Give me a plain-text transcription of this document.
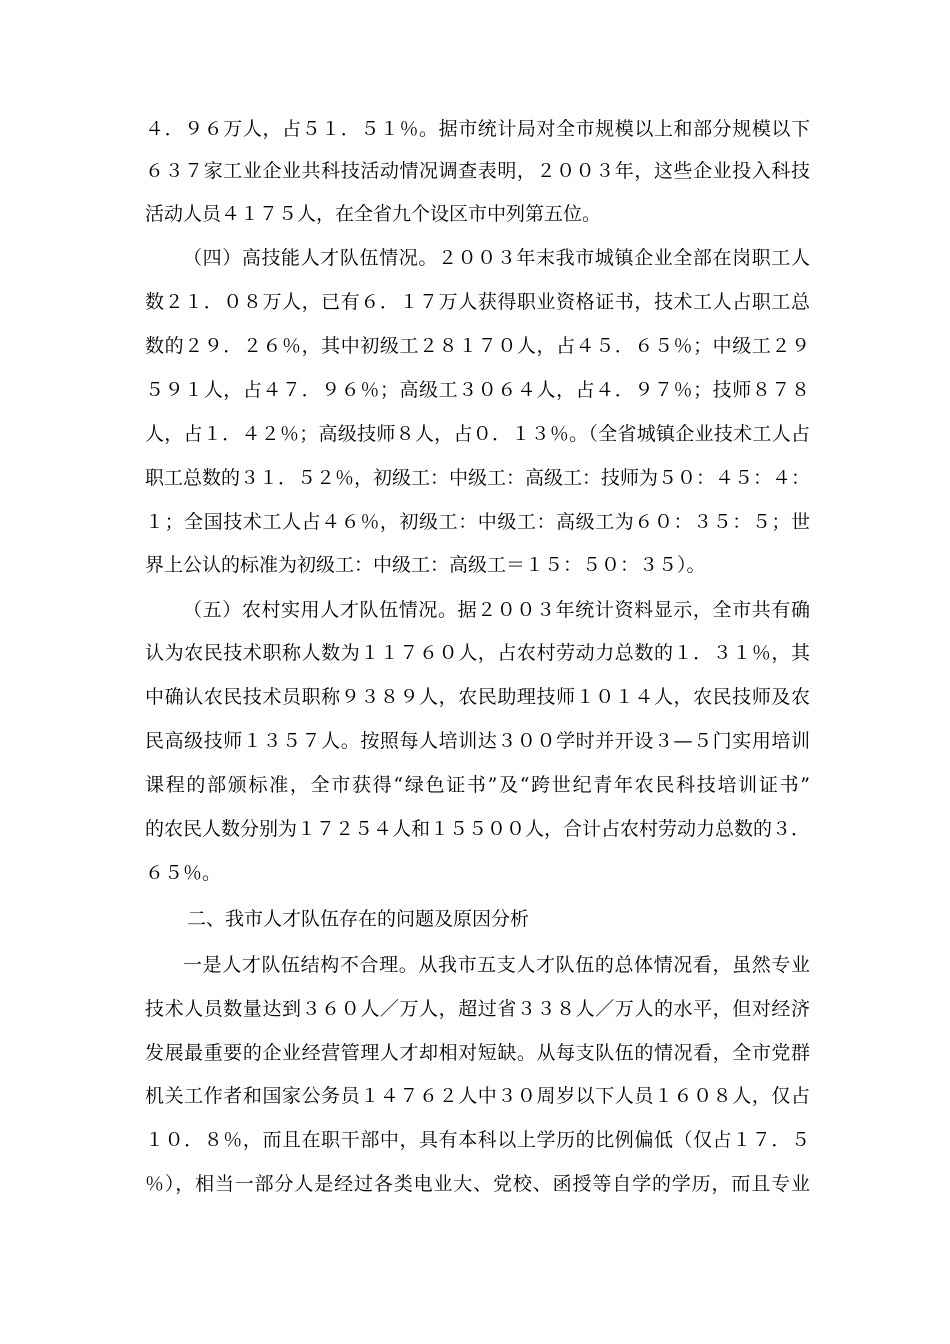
４．９６万人，占５１．５１％。据市统计局对全市规模以上和部分规模以下
６３７家工业企业共科技活动情况调查表明，２００３年，这些企业投入科技
活动人员４１７５人，在全省九个设区市中列第五位。
（四）高技能人才队伍情况。２００３年末我市城镇企业全部在岗职工人
数２１．０８万人，已有６．１７万人获得职业资格证书，技术工人占职工总
数的２９．２６％，其中初级工２８１７０人，占４５．６５％；中级工２９
５９１人，占４７．９６％；高级工３０６４人，占４．９７％；技师８７８
人，占１．４２％；高级技师８人，占０．１３％。（全省城镇企业技术工人占
职工总数的３１．５２％，初级工：中级工：高级工：技师为５０：４５：４：
１；全国技术工人占４６％，初级工：中级工：高级工为６０：３５：５；世
界上公认的标准为初级工：中级工：高级工＝１５：５０：３５）。
（五）农村实用人才队伍情况。据２００３年统计资料显示，全市共有确
认为农民技术职称人数为１１７６０人，占农村劳动力总数的１．３１％，其
中确认农民技术员职称９３８９人，农民助理技师１０１４人，农民技师及农
民高级技师１３５７人。按照每人培训达３００学时并开设３—５门实用培训
课程的部颁标准，全市获得“绿色证书”及“跨世纪青年农民科技培训证书”
的农民人数分别为１７２５４人和１５５００人，合计占农村劳动力总数的３．
６５％。
二、我市人才队伍存在的问题及原因分析
一是人才队伍结构不合理。从我市五支人才队伍的总体情况看，虽然专业
技术人员数量达到３６０人／万人，超过省３３８人／万人的水平，但对经济
发展最重要的企业经营管理人才却相对短缺。从每支队伍的情况看，全市党群
机关工作者和国家公务员１４７６２人中３０周岁以下人员１６０８人，仅占
１０．８％，而且在职干部中，具有本科以上学历的比例偏低（仅占１７．５
％），相当一部分人是经过各类电业大、党校、函授等自学的学历，而且专业
